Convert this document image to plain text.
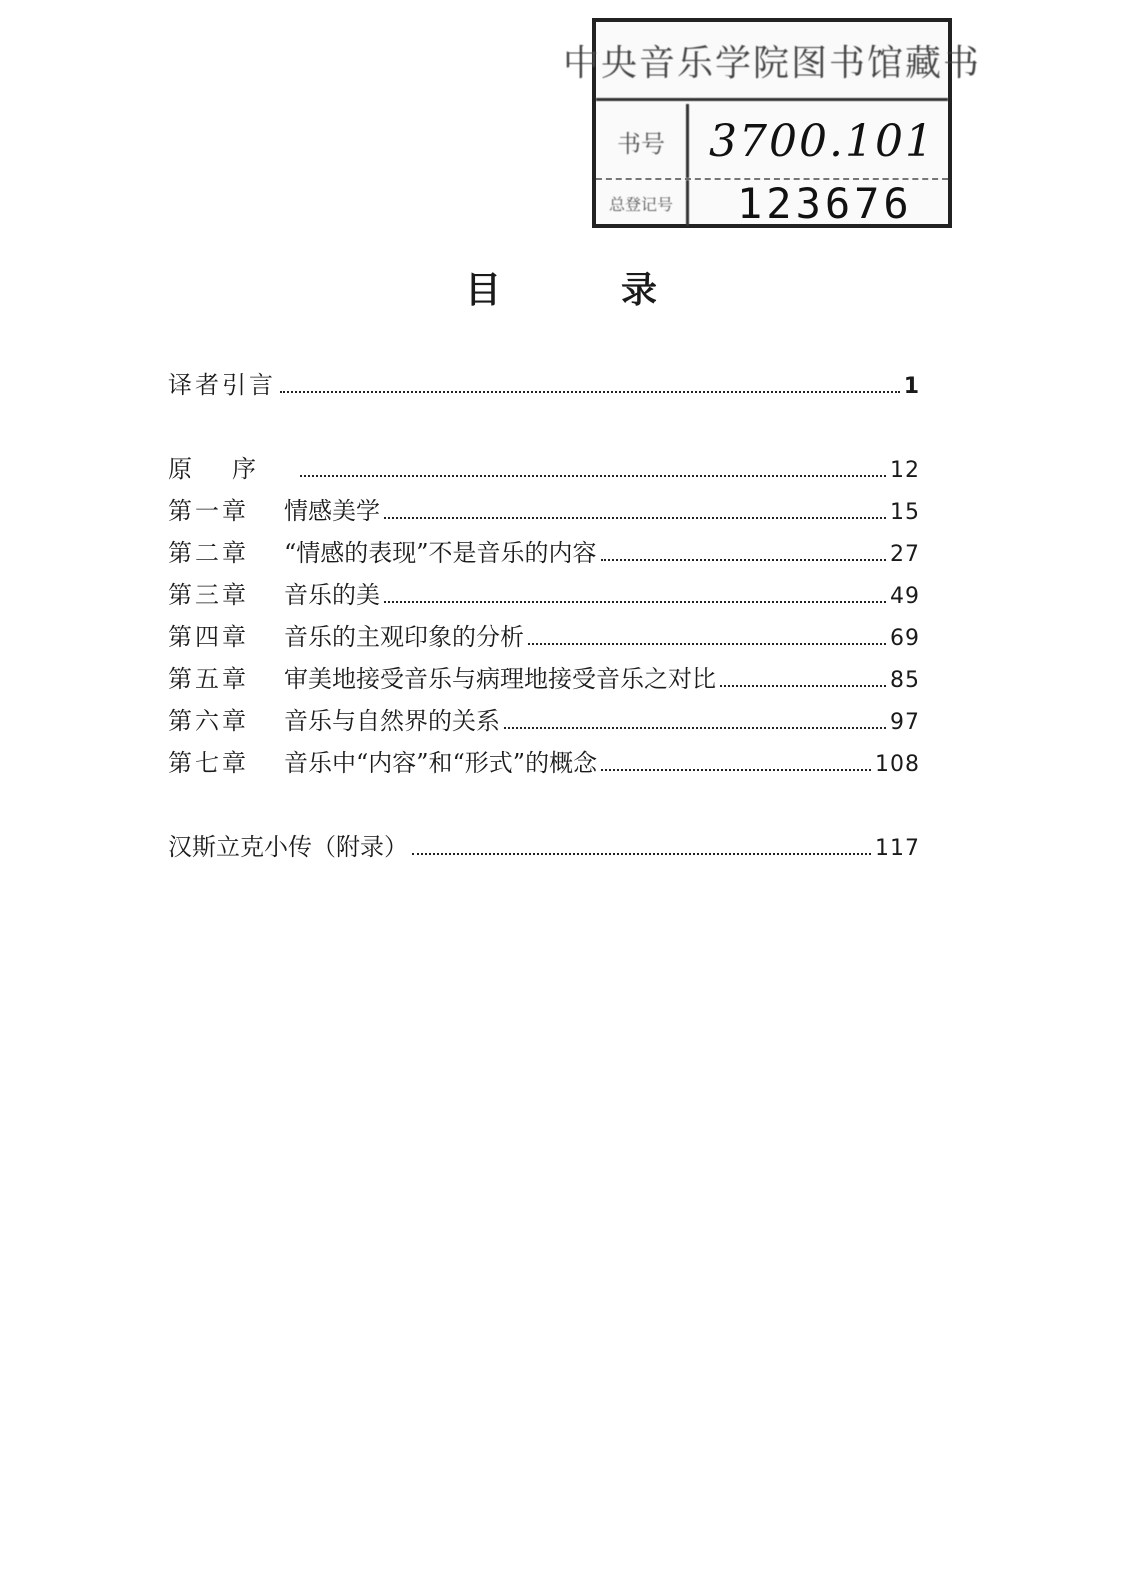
中央音乐学院图书馆藏书
书号	3700.101
总登记号	123676
目录
译者引言	1
原序	12
第一章	情感美学	15
第二章	“情感的表现”不是音乐的内容	27
第三章	音乐的美	49
第四章	音乐的主观印象的分析	69
第五章	审美地接受音乐与病理地接受音乐之对比	85
第六章	音乐与自然界的关系	97
第七章	音乐中“内容”和“形式”的概念	108
汉斯立克小传（附录）	117
